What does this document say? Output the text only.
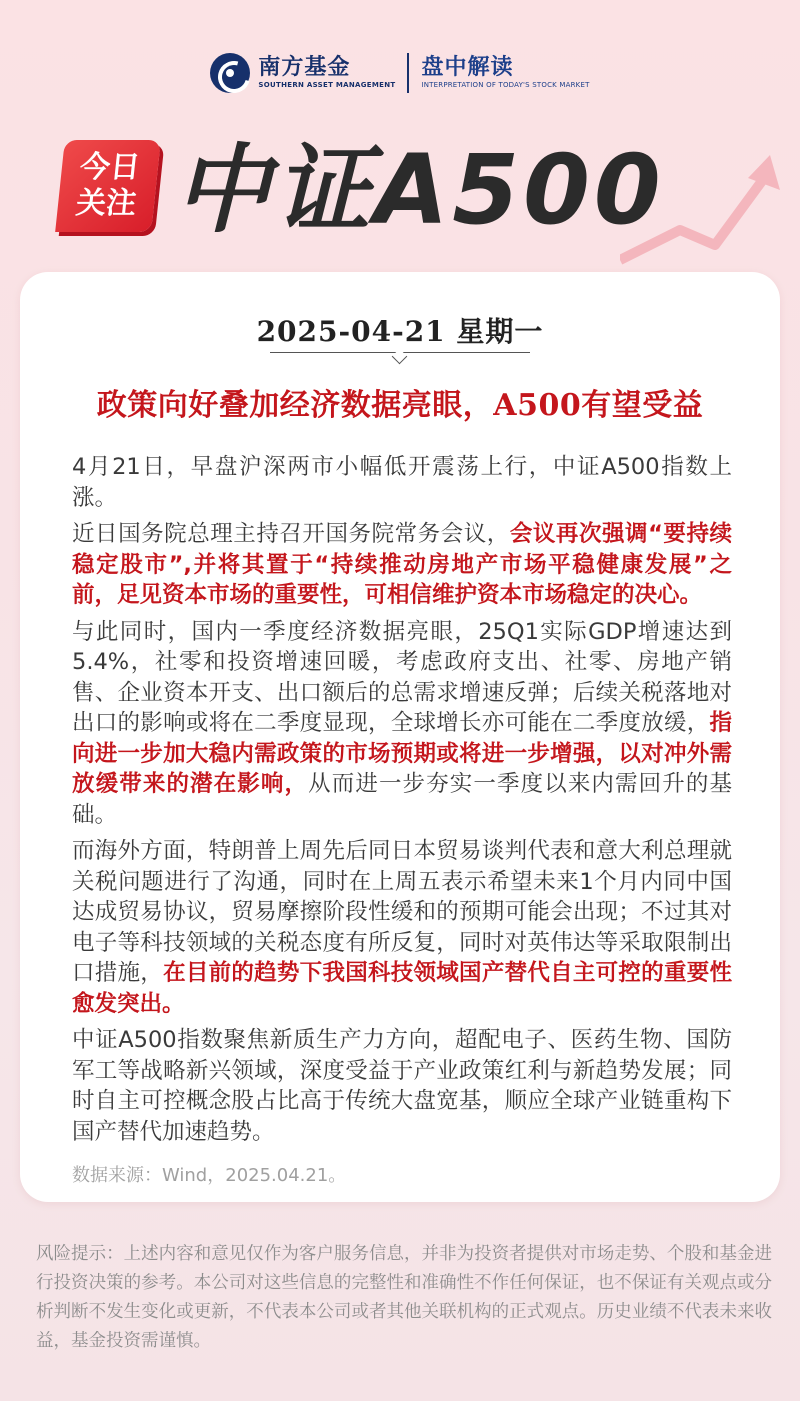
南方基金
SOUTHERN ASSET MANAGEMENT
盘中解读
INTERPRETATION OF TODAY'S STOCK MARKET
今日
关注 中证A500
2025-04-21 星期一
政策向好叠加经济数据亮眼，A500有望受益

4月21日，早盘沪深两市小幅低开震荡上行，中证A500指数上涨。

近日国务院总理主持召开国务院常务会议，会议再次强调“要持续稳定股市”,并将其置于“持续推动房地产市场平稳健康发展”之前，足见资本市场的重要性，可相信维护资本市场稳定的决心。

与此同时，国内一季度经济数据亮眼，25Q1实际GDP增速达到5.4%，社零和投资增速回暖，考虑政府支出、社零、房地产销售、企业资本开支、出口额后的总需求增速反弹；后续关税落地对出口的影响或将在二季度显现，全球增长亦可能在二季度放缓，指向进一步加大稳内需政策的市场预期或将进一步增强，以对冲外需放缓带来的潜在影响，从而进一步夯实一季度以来内需回升的基础。

而海外方面，特朗普上周先后同日本贸易谈判代表和意大利总理就关税问题进行了沟通，同时在上周五表示希望未来1个月内同中国达成贸易协议，贸易摩擦阶段性缓和的预期可能会出现；不过其对电子等科技领域的关税态度有所反复，同时对英伟达等采取限制出口措施，在目前的趋势下我国科技领域国产替代自主可控的重要性愈发突出。

中证A500指数聚焦新质生产力方向，超配电子、医药生物、国防军工等战略新兴领域，深度受益于产业政策红利与新趋势发展；同时自主可控概念股占比高于传统大盘宽基，顺应全球产业链重构下国产替代加速趋势。

数据来源：Wind，2025.04.21。

风险提示：上述内容和意见仅作为客户服务信息，并非为投资者提供对市场走势、个股和基金进行投资决策的参考。本公司对这些信息的完整性和准确性不作任何保证，也不保证有关观点或分析判断不发生变化或更新，不代表本公司或者其他关联机构的正式观点。历史业绩不代表未来收益，基金投资需谨慎。
